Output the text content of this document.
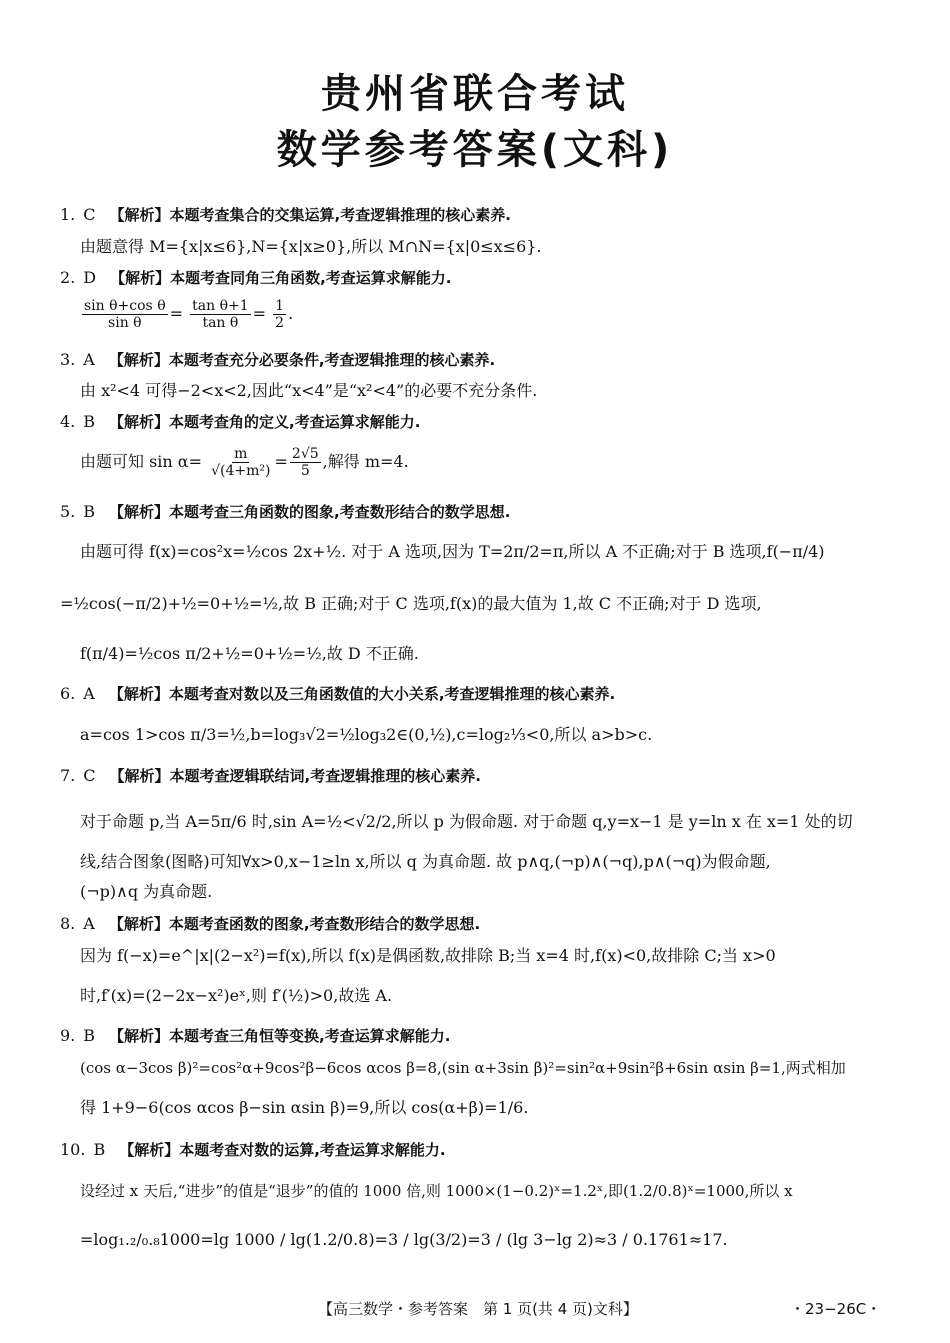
贵州省联合考试
数学参考答案(文科)
1. C 【解析】本题考查集合的交集运算,考查逻辑推理的核心素养.
由题意得 M={x|x≤6},N={x|x≥0},所以 M∩N={x|0≤x≤6}.
2. D 【解析】本题考查同角三角函数,考查运算求解能力.
$\frac{\text{sin θ+cos θ}}{\text{sin θ}} = \frac{\text{tan θ+1}}{\text{tan θ}} = \frac{1}{2}$ .
3. A 【解析】本题考查充分必要条件,考查逻辑推理的核心素养.
由 x²<4 可得−2<x<2,因此“x<4”是“x²<4”的必要不充分条件.
4. B 【解析】本题考查角的定义,考查运算求解能力.
由题可知 $\sin \alpha= \frac{m}{\text{√(4+m²)}} = \frac{2√5}{5}$ ,解得 m=4.
5. B 【解析】本题考查三角函数的图象,考查数形结合的数学思想.
由题可得 f(x)=cos²x=½cos 2x+½. 对于 A 选项,因为 T=2π/2=π,所以 A 不正确;对于 B 选项,f(−π/4)
=½cos(−π/2)+½=0+½=½,故 B 正确;对于 C 选项,f(x)的最大值为 1,故 C 不正确;对于 D 选项,
f(π/4)=½cos π/2+½=0+½=½,故 D 不正确.
6. A 【解析】本题考查对数以及三角函数值的大小关系,考查逻辑推理的核心素养.
a=cos 1>cos π/3=½,b=log₃√2=½log₃2∈(0,½),c=log₂⅓<0,所以 a>b>c.
7. C 【解析】本题考查逻辑联结词,考查逻辑推理的核心素养.
对于命题 p,当 A=5π/6 时,sin A=½<√2/2,所以 p 为假命题. 对于命题 q,y=x−1 是 y=ln x 在 x=1 处的切
线,结合图象(图略)可知∀x>0,x−1≥ln x,所以 q 为真命题. 故 p∧q,(¬p)∧(¬q),p∧(¬q)为假命题,
(¬p)∧q 为真命题.
8. A 【解析】本题考查函数的图象,考查数形结合的数学思想.
因为 f(−x)=e^|x|(2−x²)=f(x),所以 f(x)是偶函数,故排除 B;当 x=4 时,f(x)<0,故排除 C;当 x>0
时,f′(x)=(2−2x−x²)eˣ,则 f′(½)>0,故选 A.
9. B 【解析】本题考查三角恒等变换,考查运算求解能力.
(cos α−3cos β)²=cos²α+9cos²β−6cos αcos β=8,(sin α+3sin β)²=sin²α+9sin²β+6sin αsin β=1,两式相加
得 1+9−6(cos αcos β−sin αsin β)=9,所以 cos(α+β)=1/6.
10. B 【解析】本题考查对数的运算,考查运算求解能力.
设经过 x 天后,“进步”的值是“退步”的值的 1000 倍,则 1000×(1−0.2)ˣ=1.2ˣ,即(1.2/0.8)ˣ=1000,所以 x
=log₁.₂/₀.₈1000=lg 1000 / lg(1.2/0.8)=3 / lg(3/2)=3 / (lg 3−lg 2)≈3 / 0.1761≈17.
【高三数学・参考答案　第 1 页(共 4 页)文科】	・23−26C・
